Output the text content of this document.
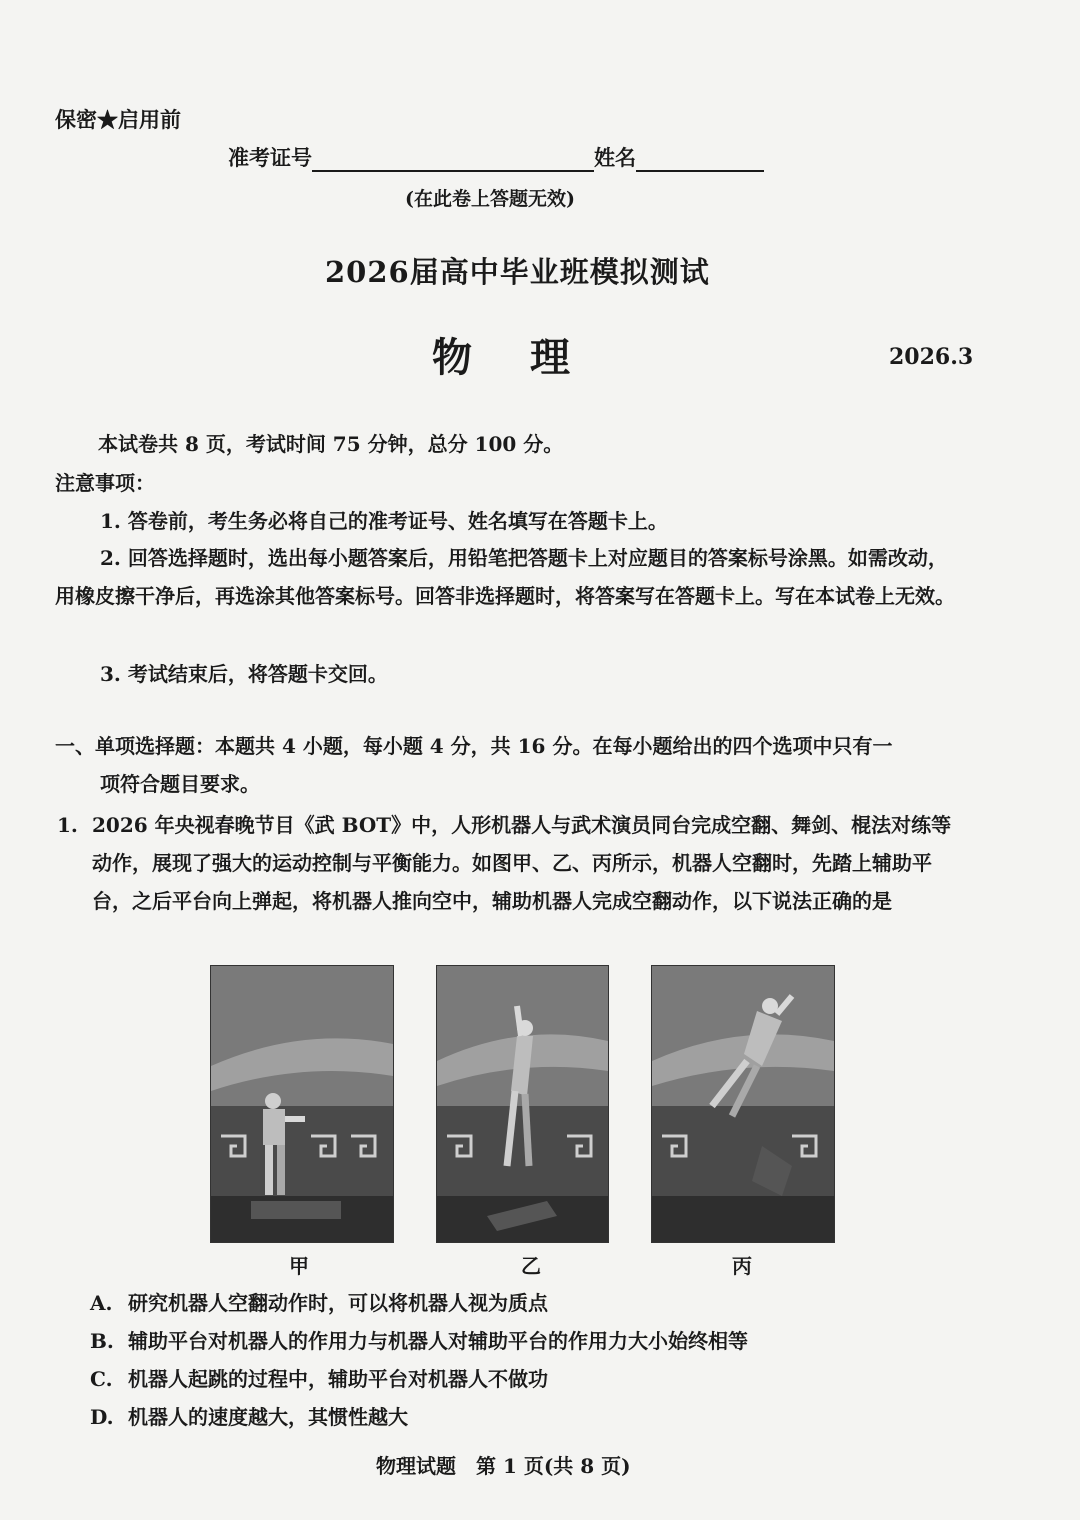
保密★启用前
准考证号	姓名
(在此卷上答题无效)
2026届高中毕业班模拟测试
物 理	2026.3
本试卷共 8 页，考试时间 75 分钟，总分 100 分。
注意事项：
1. 答卷前，考生务必将自己的准考证号、姓名填写在答题卡上。
2. 回答选择题时，选出每小题答案后，用铅笔把答题卡上对应题目的答案标号涂黑。如需改动，用橡皮擦干净后，再选涂其他答案标号。回答非选择题时，将答案写在答题卡上。写在本试卷上无效。
3. 考试结束后，将答题卡交回。
一、单项选择题：本题共 4 小题，每小题 4 分，共 16 分。在每小题给出的四个选项中只有一
项符合题目要求。
1. 2026 年央视春晚节目《武 BOT》中，人形机器人与武术演员同台完成空翻、舞剑、棍法对练等动作，展现了强大的运动控制与平衡能力。如图甲、乙、丙所示，机器人空翻时，先踏上辅助平台，之后平台向上弹起，将机器人推向空中，辅助机器人完成空翻动作，以下说法正确的是
甲	乙	丙
A. 研究机器人空翻动作时，可以将机器人视为质点
B. 辅助平台对机器人的作用力与机器人对辅助平台的作用力大小始终相等
C. 机器人起跳的过程中，辅助平台对机器人不做功
D. 机器人的速度越大，其惯性越大
物理试题　第 1 页(共 8 页)
